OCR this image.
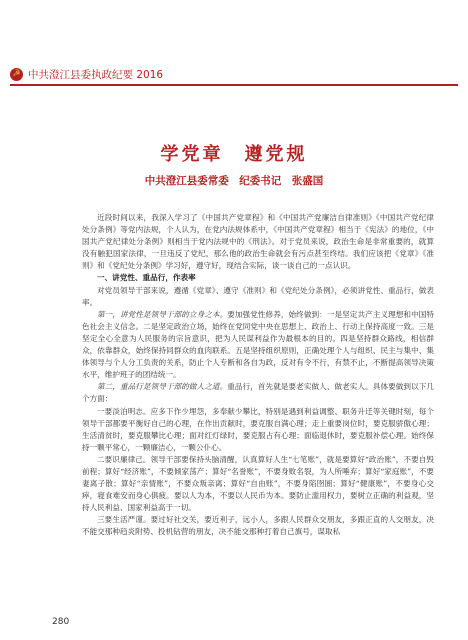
☭ 中共澄江县委执政纪要 2016
学党章　遵党规
中共澄江县委常委　纪委书记　张盛国

近段时间以来，我深入学习了《中国共产党章程》和《中国共产党廉洁自律准则》《中国共产党纪律处分条例》等党内法规，个人认为，在党内法规体系中，《中国共产党章程》相当于《宪法》的地位，《中国共产党纪律处分条例》则相当于党内法规中的《刑法》。对于党员来说，政治生命是非常重要的，就算没有触犯国家法律，一旦违反了党纪，那么他的政治生命就会有污点甚至终结。我们应该把《党章》《准则》和《党纪处分条例》学习好，遵守好，现结合实际，谈一谈自己的一点认识。

一、讲党性、重品行，作表率

对党员领导干部来说，遵循《党章》、遵守《准则》和《党纪处分条例》，必须讲党性、重品行，做表率。

第一，讲党性是领导干部的立身之本。要加强党性修养，始终做到：一是坚定共产主义理想和中国特色社会主义信念。二是坚定政治立场，始终在党同党中央在思想上、政治上、行动上保持高度一致。三是坚定全心全意为人民服务的宗旨意识，把为人民谋利益作为最根本的目的。四是坚持群众路线，相信群众，依靠群众，始终保持同群众的血肉联系。五是坚持组织原则，正确处理个人与组织、民主与集中、集体领导与个人分工负责的关系，防止个人专断和各自为政，反对有令不行，有禁不止，不断提高领导决策水平，维护班子的团结统一。

第二，重品行是领导干部的做人之道。重品行，首先就是要老实做人、做老实人。具体要做到以下几个方面：

一要淡泊明志。应多下作少埋怨，多奉献少攀比，特别是遇到利益调整、职务升迁等关键时刻，每个领导干部都要平衡好自己的心理，在作出贡献时，要克服自满心理；走上重要岗位时，要克服骄傲心理；生活清贫时，要克服攀比心理；面对红灯绿时，要克服占有心理；面临退休时，要克服补偿心理。始终保持一颗平常心，一颗廉洁心，一颗公仆心。

二要识廉律己。领导干部要保持头脑清醒，认真算好人生“七笔账”，就是要算好“政治账”，不要自毁前程；算好“经济账”，不要倾家荡产；算好“名誉账”，不要身败名裂，为人所唾弃；算好“家庭账”，不要妻离子散；算好“亲情账”，不要众叛亲离；算好“自由账”，不要身陷囹圄；算好“健康账”，不要身心交瘁，寝食难安而身心俱疲。要以人为本，不要以人民币为本。要防止滥用权力，要树立正确的利益观，坚持人民利益、国家利益高于一切。

三要生活严谨。要过好社交关，要近利子，远小人，多跟人民群众交朋友，多跟正直的人交朋友，决不能交那种趋炎附势、投机钻营的朋友，决不能交那种打着自己旗号，谋取私

280
